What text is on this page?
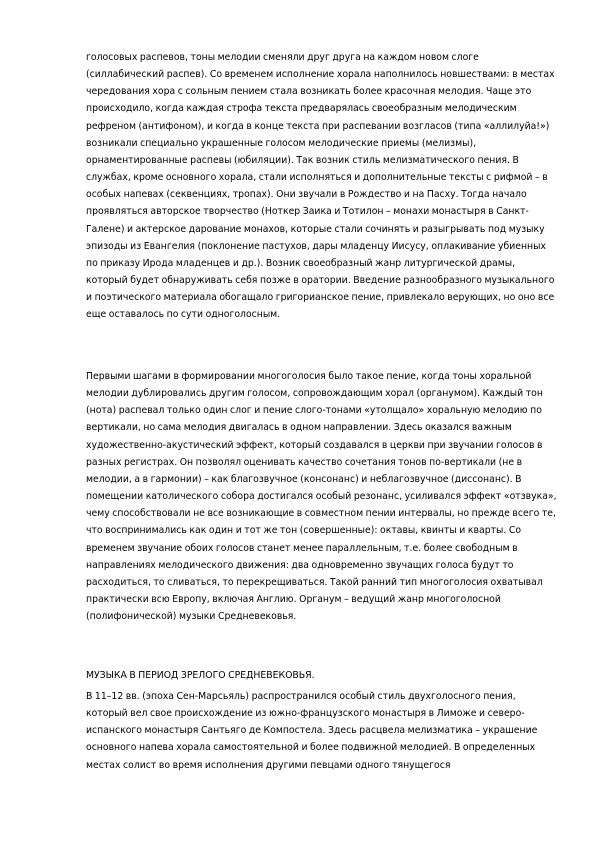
голосовых распевов, тоны мелодии сменяли друг друга на каждом новом слоге (силлабический распев). Со временем исполнение хорала наполнилось новшествами: в местах чередования хора с сольным пением стала возникать более красочная мелодия. Чаще это происходило, когда каждая строфа текста предварялась своеобразным мелодическим рефреном (антифоном), и когда в конце текста при распевании возгласов (типа «аллилуйа!») возникали специально украшенные голосом мелодические приемы (мелизмы), орнаментированные распевы (юбиляции). Так возник стиль мелизматического пения. В службах, кроме основного хорала, стали исполняться и дополнительные тексты с рифмой – в особых напевах (секвенциях, тропах). Они звучали в Рождество и на Пасху. Тогда начало проявляться авторское творчество (Ноткер Заика и Тотилон – монахи монастыря в Санкт-Галене) и актерское дарование монахов, которые стали сочинять и разыгрывать под музыку эпизоды из Евангелия (поклонение пастухов, дары младенцу Иисусу, оплакивание убиенных по приказу Ирода младенцев и др.). Возник своеобразный жанр литургической драмы, который будет обнаруживать себя позже в оратории. Введение разнообразного музыкального и поэтического материала обогащало григорианское пение, привлекало верующих, но оно все еще оставалось по сути одноголосным.

Первыми шагами в формировании многоголосия было такое пение, когда тоны хоральной мелодии дублировались другим голосом, сопровождающим хорал (органумом). Каждый тон (нота) распевал только один слог и пение слого-тонами «утолщало» хоральную мелодию по вертикали, но сама мелодия двигалась в одном направлении. Здесь оказался важным художественно-акустический эффект, который создавался в церкви при звучании голосов в разных регистрах. Он позволял оценивать качество сочетания тонов по-вертикали (не в мелодии, а в гармонии) – как благозвучное (консонанс) и неблагозвучное (диссонанс). В помещении католического собора достигался особый резонанс, усиливался эффект «отзвука», чему способствовали не все возникающие в совместном пении интервалы, но прежде всего те, что воспринимались как один и тот же тон (совершенные): октавы, квинты и кварты. Со временем звучание обоих голосов станет менее параллельным, т.е. более свободным в направлениях мелодического движения: два одновременно звучащих голоса будут то расходиться, то сливаться, то перекрещиваться. Такой ранний тип многоголосия охватывал практически всю Европу, включая Англию. Органум – ведущий жанр многоголосной (полифонической) музыки Средневековья.

МУЗЫКА В ПЕРИОД ЗРЕЛОГО СРЕДНЕВЕКОВЬЯ.

В 11–12 вв. (эпоха Сен-Марсьяль) распространился особый стиль двухголосного пения, который вел свое происхождение из южно-французского монастыря в Лиможе и северо-испанского монастыря Сантьяго де Компостела. Здесь расцвела мелизматика – украшение основного напева хорала самостоятельной и более подвижной мелодией. В определенных местах солист во время исполнения другими певцами одного тянущегося
